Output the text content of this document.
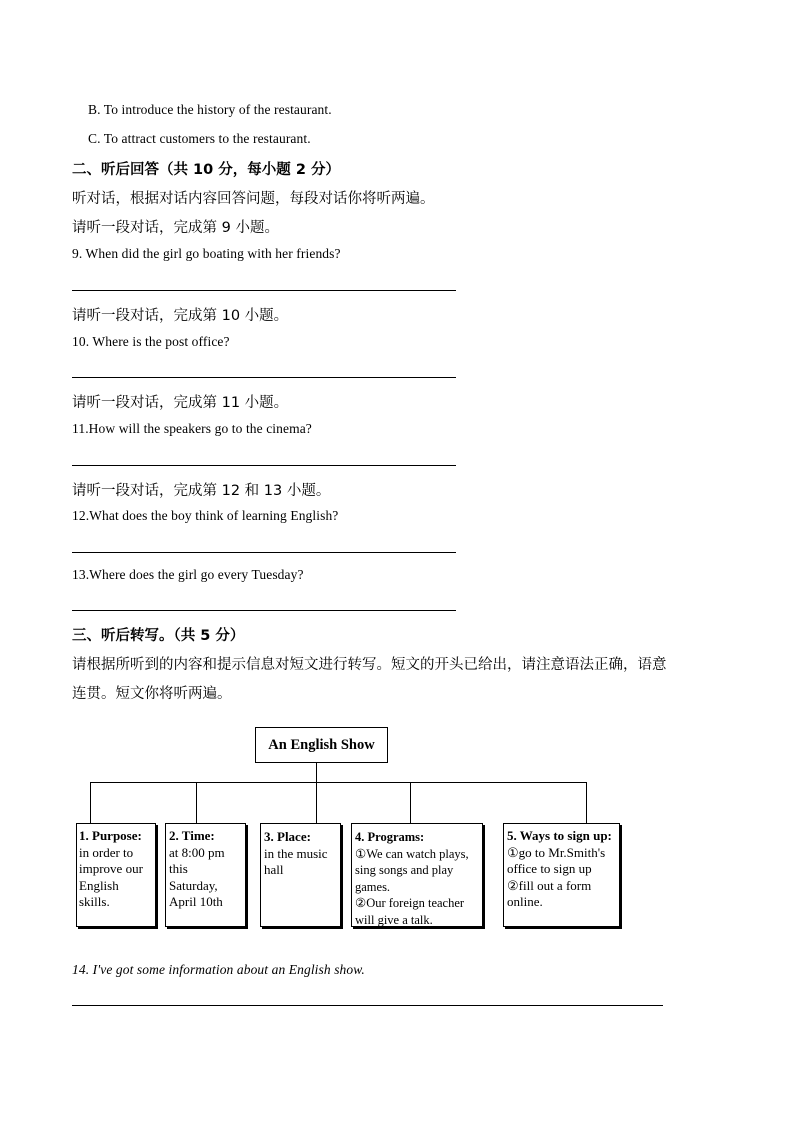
B. To introduce the history of the restaurant.
C. To attract customers to the restaurant.
二、听后回答（共 10 分，每小题 2 分）
听对话，根据对话内容回答问题，每段对话你将听两遍。
请听一段对话，完成第 9 小题。
9. When did the girl go boating with her friends?
请听一段对话，完成第 10 小题。
10. Where is the post office?
请听一段对话，完成第 11 小题。
11.How will the speakers go to the cinema?
请听一段对话，完成第 12 和 13 小题。
12.What does the boy think of learning English?
13.Where does the girl go every Tuesday?
三、听后转写。（共 5 分）
请根据所听到的内容和提示信息对短文进行转写。短文的开头已给出，请注意语法正确，语意
连贯。短文你将听两遍。
An English Show
1. Purpose:
in order to
improve our
English
skills.
2. Time:
at 8:00 pm
this
Saturday,
April 10th
3. Place:
in the music
hall
4. Programs:
①We can watch plays,
sing songs and play
games.
②Our foreign teacher
will give a talk.
5. Ways to sign up:
①go to Mr.Smith's
office to sign up
②fill out a form
online.
14. I've got some information about an English show.
